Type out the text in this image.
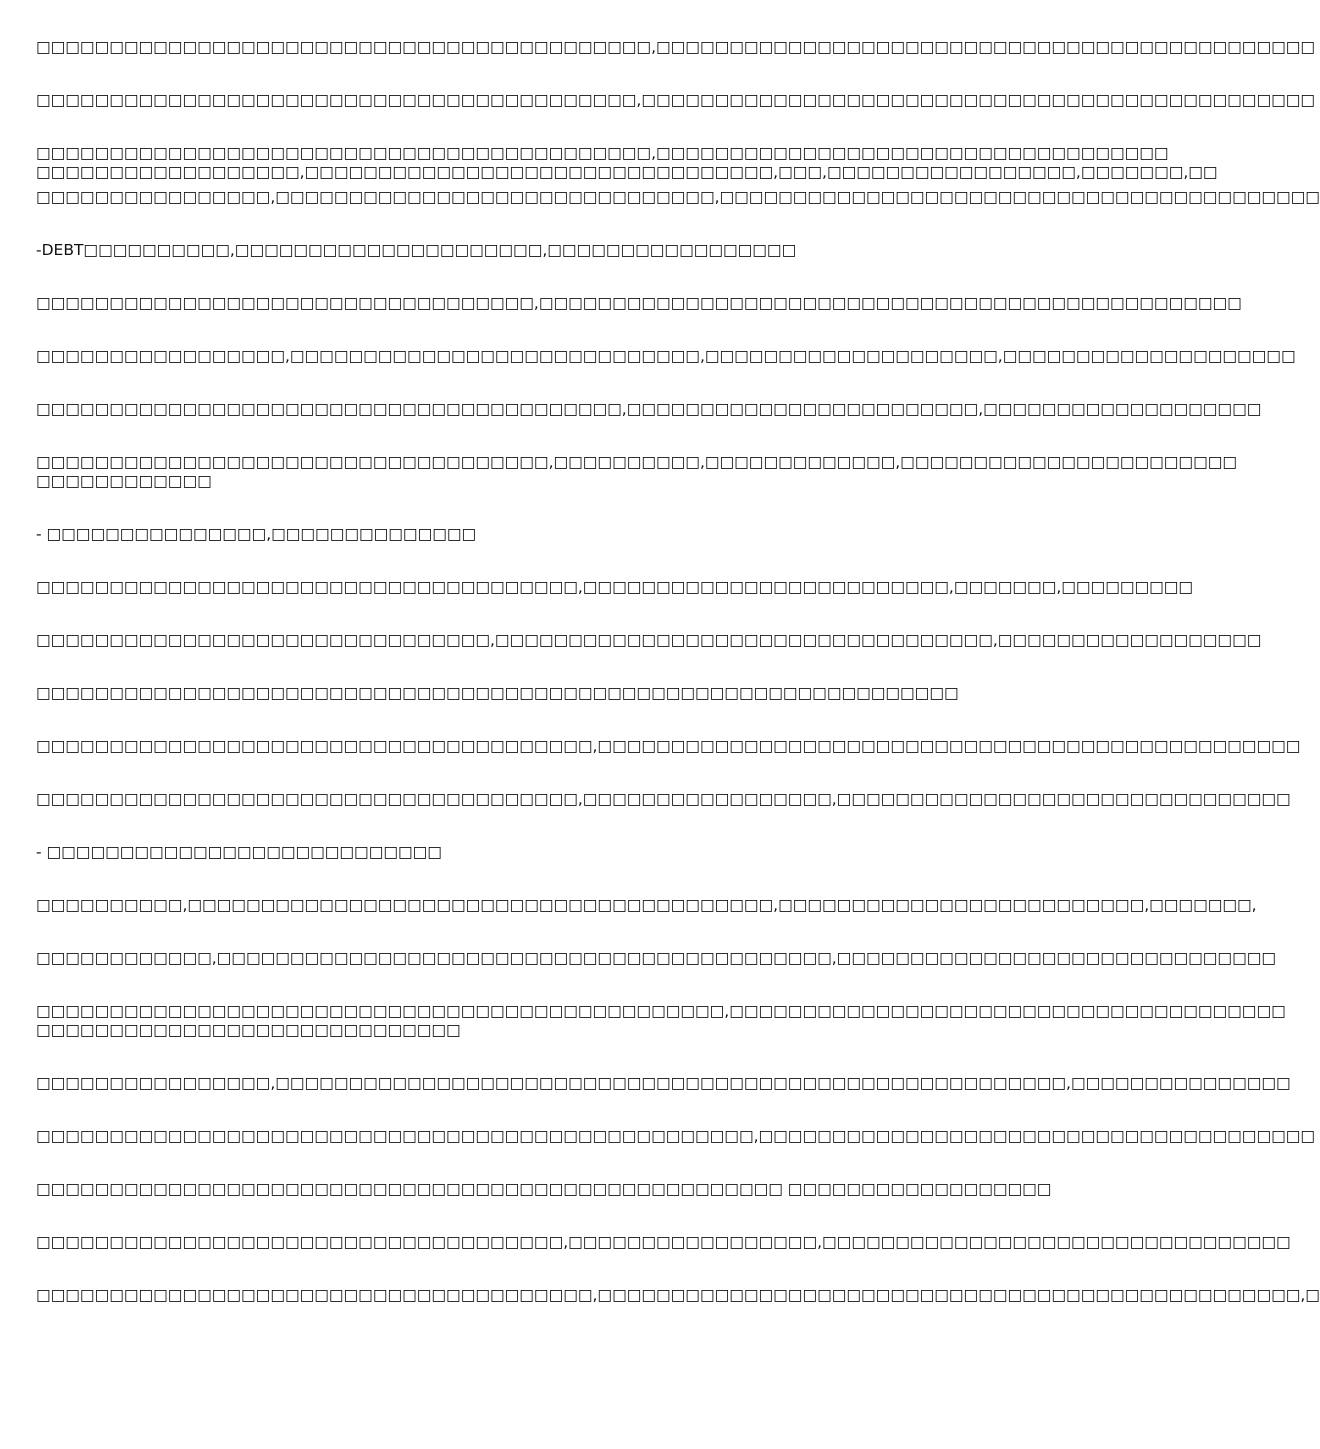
□□□□□□□□□□□□□□□□□□□□□□□□□□□□□□□□□□□□□□□□□□,□□□□□□□□□□□□□□□□□□□□□□□□□□□□□□□□□□□□□□□□□□□□□

□□□□□□□□□□□□□□□□□□□□□□□□□□□□□□□□□□□□□□□□□,□□□□□□□□□□□□□□□□□□□□□□□□□□□□□□□□□□□□□□□□□□□□□□

□□□□□□□□□□□□□□□□□□□□□□□□□□□□□□□□□□□□□□□□□□,□□□□□□□□□□□□□□□□□□□□□□□□□□□□□□□□□□□
□□□□□□□□□□□□□□□□□□,□□□□□□□□□□□□□□□□□□□□□□□□□□□□□□□□,□□□,□□□□□□□□□□□□□□□□□,□□□□□□□,□□

□□□□□□□□□□□□□□□□,□□□□□□□□□□□□□□□□□□□□□□□□□□□□□□,□□□□□□□□□□□□□□□□□□□□□□□□□□□□□□□□□□□□□□□□□

-DEBT□□□□□□□□□□,□□□□□□□□□□□□□□□□□□□□□,□□□□□□□□□□□□□□□□□

□□□□□□□□□□□□□□□□□□□□□□□□□□□□□□□□□□,□□□□□□□□□□□□□□□□□□□□□□□□□□□□□□□□□□□□□□□□□□□□□□□□

□□□□□□□□□□□□□□□□□,□□□□□□□□□□□□□□□□□□□□□□□□□□□□,□□□□□□□□□□□□□□□□□□□□,□□□□□□□□□□□□□□□□□□□□

□□□□□□□□□□□□□□□□□□□□□□□□□□□□□□□□□□□□□□□□,□□□□□□□□□□□□□□□□□□□□□□□□,□□□□□□□□□□□□□□□□□□□

□□□□□□□□□□□□□□□□□□□□□□□□□□□□□□□□□□□,□□□□□□□□□□,□□□□□□□□□□□□□,□□□□□□□□□□□□□□□□□□□□□□□
□□□□□□□□□□□□

- □□□□□□□□□□□□□□□,□□□□□□□□□□□□□□

□□□□□□□□□□□□□□□□□□□□□□□□□□□□□□□□□□□□□,□□□□□□□□□□□□□□□□□□□□□□□□□,□□□□□□□,□□□□□□□□□

□□□□□□□□□□□□□□□□□□□□□□□□□□□□□□□,□□□□□□□□□□□□□□□□□□□□□□□□□□□□□□□□□□,□□□□□□□□□□□□□□□□□□

□□□□□□□□□□□□□□□□□□□□□□□□□□□□□□□□□□□□□□□□□□□□□□□□□□□□□□□□□□□□□□□

□□□□□□□□□□□□□□□□□□□□□□□□□□□□□□□□□□□□□□,□□□□□□□□□□□□□□□□□□□□□□□□□□□□□□□□□□□□□□□□□□□□□□□□

□□□□□□□□□□□□□□□□□□□□□□□□□□□□□□□□□□□□□,□□□□□□□□□□□□□□□□□,□□□□□□□□□□□□□□□□□□□□□□□□□□□□□□□

- □□□□□□□□□□□□□□□□□□□□□□□□□□□

□□□□□□□□□□,□□□□□□□□□□□□□□□□□□□□□□□□□□□□□□□□□□□□□□□□,□□□□□□□□□□□□□□□□□□□□□□□□□,□□□□□□□,

□□□□□□□□□□□□,□□□□□□□□□□□□□□□□□□□□□□□□□□□□□□□□□□□□□□□□□□,□□□□□□□□□□□□□□□□□□□□□□□□□□□□□□

□□□□□□□□□□□□□□□□□□□□□□□□□□□□□□□□□□□□□□□□□□□□□□□,□□□□□□□□□□□□□□□□□□□□□□□□□□□□□□□□□□□□□□
□□□□□□□□□□□□□□□□□□□□□□□□□□□□□

□□□□□□□□□□□□□□□□,□□□□□□□□□□□□□□□□□□□□□□□□□□□□□□□□□□□□□□□□□□□□□□□□□□□□□□,□□□□□□□□□□□□□□□

□□□□□□□□□□□□□□□□□□□□□□□□□□□□□□□□□□□□□□□□□□□□□□□□□,□□□□□□□□□□□□□□□□□□□□□□□□□□□□□□□□□□□□□□

□□□□□□□□□□□□□□□□□□□□□□□□□□□□□□□□□□□□□□□□□□□□□□□□□□□ □□□□□□□□□□□□□□□□□□

□□□□□□□□□□□□□□□□□□□□□□□□□□□□□□□□□□□□,□□□□□□□□□□□□□□□□□,□□□□□□□□□□□□□□□□□□□□□□□□□□□□□□□□

□□□□□□□□□□□□□□□□□□□□□□□□□□□□□□□□□□□□□□,□□□□□□□□□□□□□□□□□□□□□□□□□□□□□□□□□□□□□□□□□□□□□□□□,□
